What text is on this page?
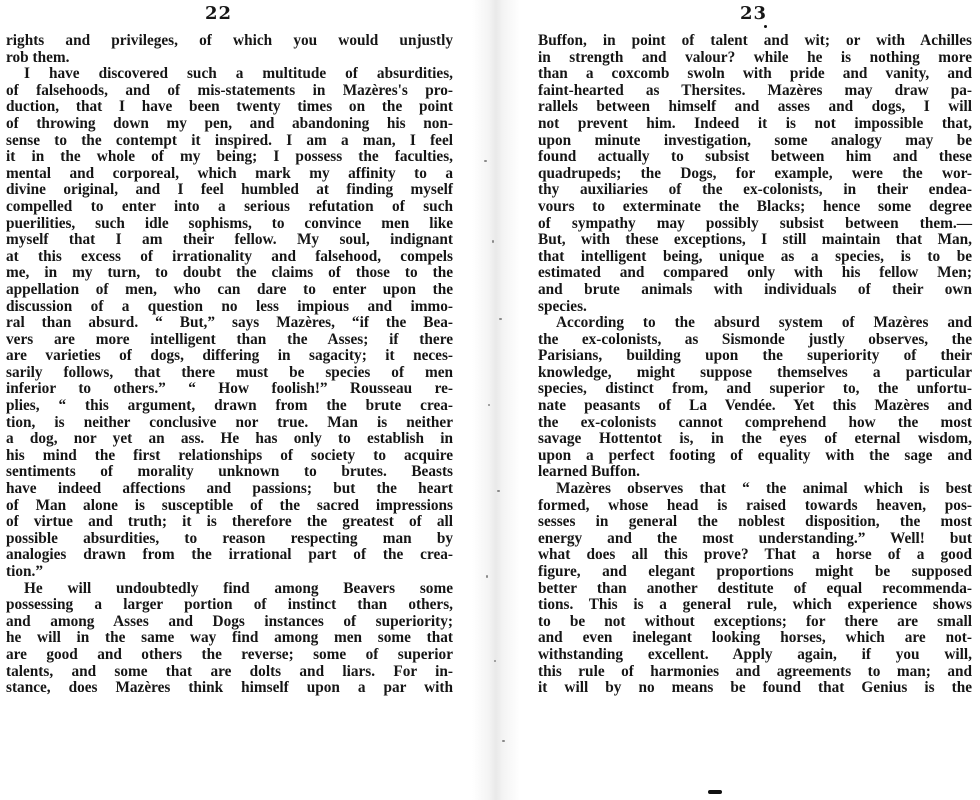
22
rights and privileges, of which you would unjustly
rob them.
I have discovered such a multitude of absurdities,
of falsehoods, and of mis-statements in Mazères's pro-
duction, that I have been twenty times on the point
of throwing down my pen, and abandoning his non-
sense to the contempt it inspired. I am a man, I feel
it in the whole of my being; I possess the faculties,
mental and corporeal, which mark my affinity to a
divine original, and I feel humbled at finding myself
compelled to enter into a serious refutation of such
puerilities, such idle sophisms, to convince men like
myself that I am their fellow. My soul, indignant
at this excess of irrationality and falsehood, compels
me, in my turn, to doubt the claims of those to the
appellation of men, who can dare to enter upon the
discussion of a question no less impious and immo-
ral than absurd. “ But,” says Mazères, “if the Bea-
vers are more intelligent than the Asses; if there
are varieties of dogs, differing in sagacity; it neces-
sarily follows, that there must be species of men
inferior to others.” “ How foolish!” Rousseau re-
plies, “ this argument, drawn from the brute crea-
tion, is neither conclusive nor true. Man is neither
a dog, nor yet an ass. He has only to establish in
his mind the first relationships of society to acquire
sentiments of morality unknown to brutes. Beasts
have indeed affections and passions; but the heart
of Man alone is susceptible of the sacred impressions
of virtue and truth; it is therefore the greatest of all
possible absurdities, to reason respecting man by
analogies drawn from the irrational part of the crea-
tion.”
He will undoubtedly find among Beavers some
possessing a larger portion of instinct than others,
and among Asses and Dogs instances of superiority;
he will in the same way find among men some that
are good and others the reverse; some of superior
talents, and some that are dolts and liars. For in-
stance, does Mazères think himself upon a par with
23
Buffon, in point of talent and wit; or with Achilles
in strength and valour? while he is nothing more
than a coxcomb swoln with pride and vanity, and
faint-hearted as Thersites. Mazères may draw pa-
rallels between himself and asses and dogs, I will
not prevent him. Indeed it is not impossible that,
upon minute investigation, some analogy may be
found actually to subsist between him and these
quadrupeds; the Dogs, for example, were the wor-
thy auxiliaries of the ex-colonists, in their endea-
vours to exterminate the Blacks; hence some degree
of sympathy may possibly subsist between them.—
But, with these exceptions, I still maintain that Man,
that intelligent being, unique as a species, is to be
estimated and compared only with his fellow Men;
and brute animals with individuals of their own
species.
According to the absurd system of Mazères and
the ex-colonists, as Sismonde justly observes, the
Parisians, building upon the superiority of their
knowledge, might suppose themselves a particular
species, distinct from, and superior to, the unfortu-
nate peasants of La Vendée. Yet this Mazères and
the ex-colonists cannot comprehend how the most
savage Hottentot is, in the eyes of eternal wisdom,
upon a perfect footing of equality with the sage and
learned Buffon.
Mazères observes that “ the animal which is best
formed, whose head is raised towards heaven, pos-
sesses in general the noblest disposition, the most
energy and the most understanding.” Well! but
what does all this prove? That a horse of a good
figure, and elegant proportions might be supposed
better than another destitute of equal recommenda-
tions. This is a general rule, which experience shows
to be not without exceptions; for there are small
and even inelegant looking horses, which are not-
withstanding excellent. Apply again, if you will,
this rule of harmonies and agreements to man; and
it will by no means be found that Genius is the
